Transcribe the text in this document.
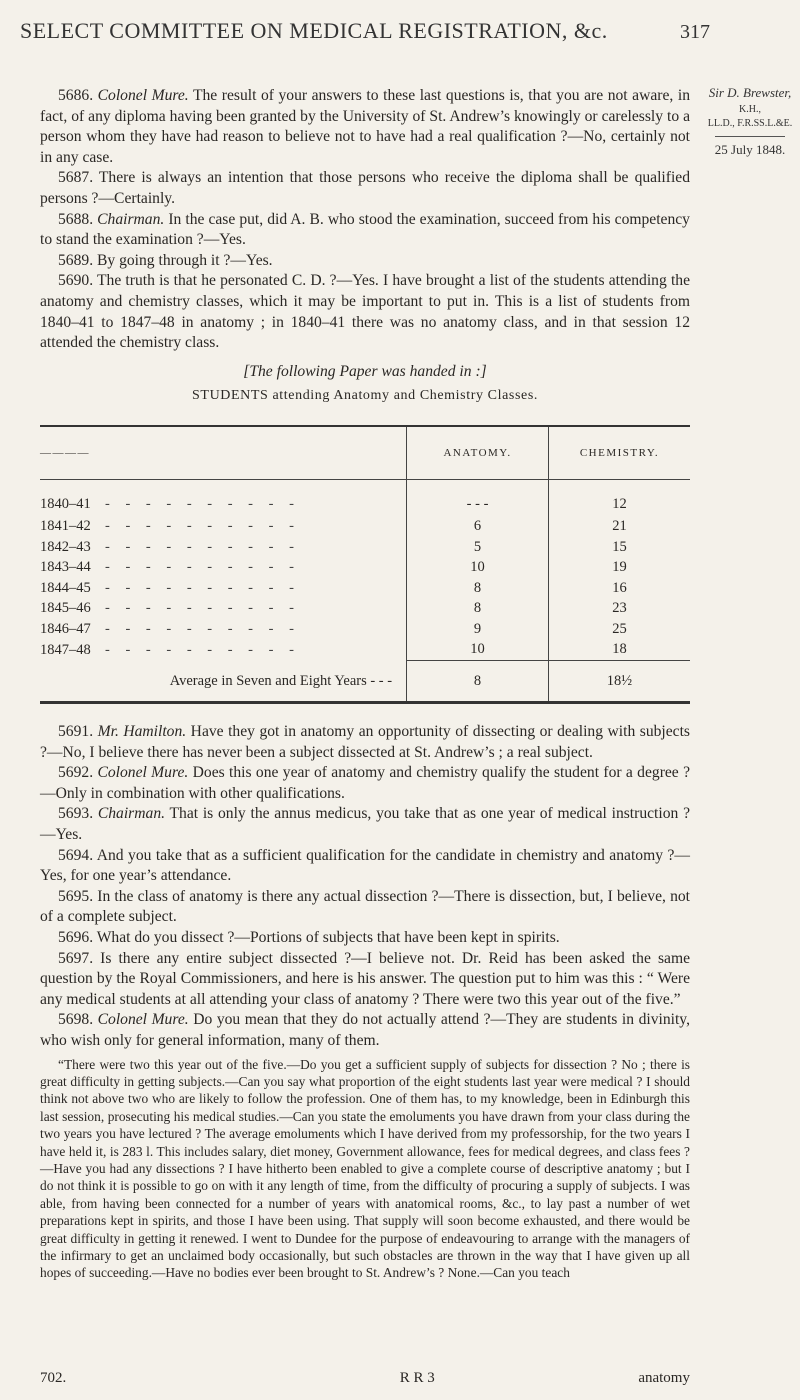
SELECT COMMITTEE ON MEDICAL REGISTRATION, &c.	317
Sir D. Brewster,
K.H.,
LL.D., F.R.SS.L.&E.
25 July 1848.

5686. Colonel Mure. The result of your answers to these last questions is, that you are not aware, in fact, of any diploma having been granted by the University of St. Andrew’s knowingly or carelessly to a person whom they have had reason to believe not to have had a real qualification ?—No, certainly not in any case.

5687. There is always an intention that those persons who receive the diploma shall be qualified persons ?—Certainly.

5688. Chairman. In the case put, did A. B. who stood the examination, succeed from his competency to stand the examination ?—Yes.

5689. By going through it ?—Yes.

5690. The truth is that he personated C. D. ?—Yes. I have brought a list of the students attending the anatomy and chemistry classes, which it may be important to put in. This is a list of students from 1840–41 to 1847–48 in anatomy ; in 1840–41 there was no anatomy class, and in that session 12 attended the chemistry class.

[The following Paper was handed in :]

STUDENTS attending Anatomy and Chemistry Classes.

————	ANATOMY.	CHEMISTRY.
1840–41 - - - - - - - - - -	- - -	12
1841–42 - - - - - - - - - -	6	21
1842–43 - - - - - - - - - -	5	15
1843–44 - - - - - - - - - -	10	19
1844–45 - - - - - - - - - -	8	16
1845–46 - - - - - - - - - -	8	23
1846–47 - - - - - - - - - -	9	25
1847–48 - - - - - - - - - -	10	18

Average in Seven and Eight Years - - -	8	18½

5691. Mr. Hamilton. Have they got in anatomy an opportunity of dissecting or dealing with subjects ?—No, I believe there has never been a subject dissected at St. Andrew’s ; a real subject.

5692. Colonel Mure. Does this one year of anatomy and chemistry qualify the student for a degree ?—Only in combination with other qualifications.

5693. Chairman. That is only the annus medicus, you take that as one year of medical instruction ?—Yes.

5694. And you take that as a sufficient qualification for the candidate in chemistry and anatomy ?—Yes, for one year’s attendance.

5695. In the class of anatomy is there any actual dissection ?—There is dissection, but, I believe, not of a complete subject.

5696. What do you dissect ?—Portions of subjects that have been kept in spirits.

5697. Is there any entire subject dissected ?—I believe not. Dr. Reid has been asked the same question by the Royal Commissioners, and here is his answer. The question put to him was this : “ Were any medical students at all attending your class of anatomy ? There were two this year out of the five.”

5698. Colonel Mure. Do you mean that they do not actually attend ?—They are students in divinity, who wish only for general information, many of them.

“There were two this year out of the five.—Do you get a sufficient supply of subjects for dissection ? No ; there is great difficulty in getting subjects.—Can you say what proportion of the eight students last year were medical ? I should think not above two who are likely to follow the profession. One of them has, to my knowledge, been in Edinburgh this last session, prosecuting his medical studies.—Can you state the emoluments you have drawn from your class during the two years you have lectured ? The average emoluments which I have derived from my professorship, for the two years I have held it, is 283 l. This includes salary, diet money, Government allowance, fees for medical degrees, and class fees ? —Have you had any dissections ? I have hitherto been enabled to give a complete course of descriptive anatomy ; but I do not think it is possible to go on with it any length of time, from the difficulty of procuring a supply of subjects. I was able, from having been connected for a number of years with anatomical rooms, &c., to lay past a number of wet preparations kept in spirits, and those I have been using. That supply will soon become exhausted, and there would be great difficulty in getting it renewed. I went to Dundee for the purpose of endeavouring to arrange with the managers of the infirmary to get an unclaimed body occasionally, but such obstacles are thrown in the way that I have given up all hopes of succeeding.—Have no bodies ever been brought to St. Andrew’s ? None.—Can you teach

702.	R R 3	anatomy
